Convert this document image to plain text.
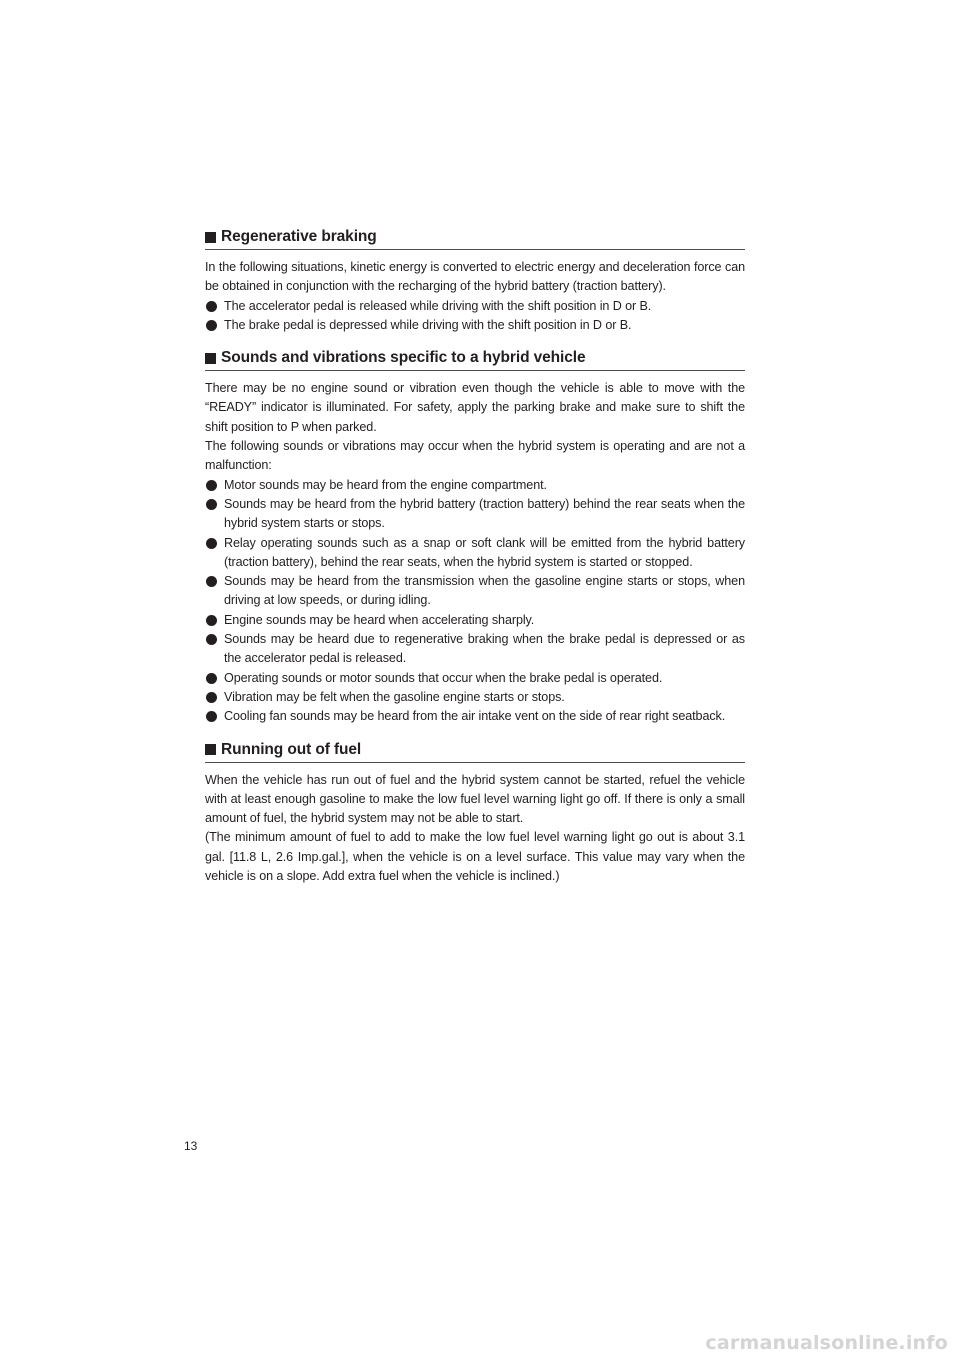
Regenerative braking

In the following situations, kinetic energy is converted to electric energy and deceleration force can be obtained in conjunction with the recharging of the hybrid battery (traction battery).

The accelerator pedal is released while driving with the shift position in D or B.
The brake pedal is depressed while driving with the shift position in D or B.
Sounds and vibrations specific to a hybrid vehicle

There may be no engine sound or vibration even though the vehicle is able to move with the “READY” indicator is illuminated. For safety, apply the parking brake and make sure to shift the shift position to P when parked.

The following sounds or vibrations may occur when the hybrid system is operating and are not a malfunction:

Motor sounds may be heard from the engine compartment.
Sounds may be heard from the hybrid battery (traction battery) behind the rear seats when the hybrid system starts or stops.
Relay operating sounds such as a snap or soft clank will be emitted from the hybrid battery (traction battery), behind the rear seats, when the hybrid system is started or stopped.
Sounds may be heard from the transmission when the gasoline engine starts or stops, when driving at low speeds, or during idling.
Engine sounds may be heard when accelerating sharply.
Sounds may be heard due to regenerative braking when the brake pedal is depressed or as the accelerator pedal is released.
Operating sounds or motor sounds that occur when the brake pedal is operated.
Vibration may be felt when the gasoline engine starts or stops.
Cooling fan sounds may be heard from the air intake vent on the side of rear right seatback.
Running out of fuel

When the vehicle has run out of fuel and the hybrid system cannot be started, refuel the vehicle with at least enough gasoline to make the low fuel level warning light go off. If there is only a small amount of fuel, the hybrid system may not be able to start.

(The minimum amount of fuel to add to make the low fuel level warning light go out is about 3.1 gal. [11.8 L, 2.6 Imp.gal.], when the vehicle is on a level surface. This value may vary when the vehicle is on a slope. Add extra fuel when the vehicle is inclined.)

13
carmanualsonline.info
